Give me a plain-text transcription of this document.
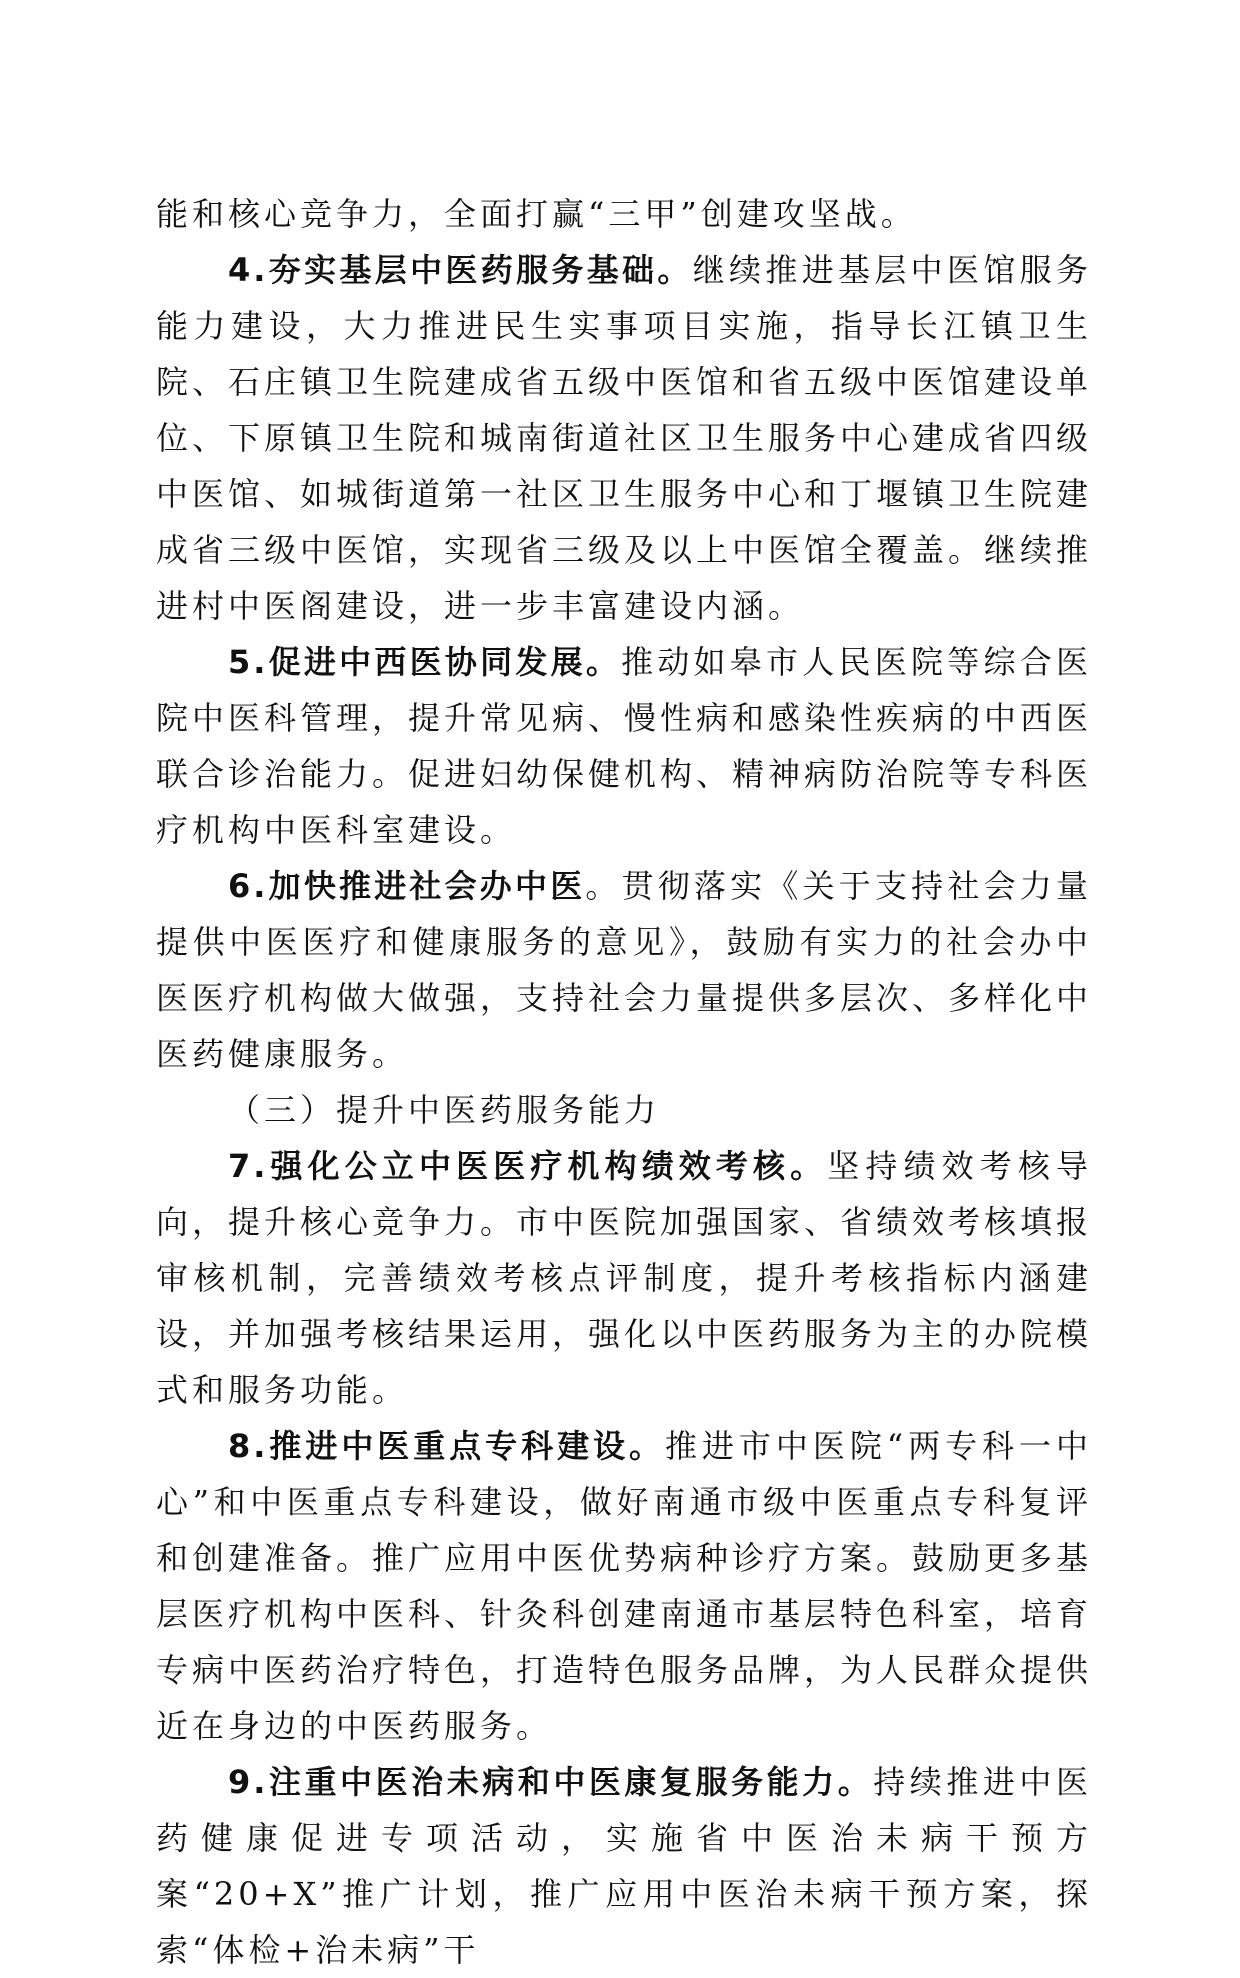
能和核心竞争力，全面打赢“三甲”创建攻坚战。

4.夯实基层中医药服务基础。继续推进基层中医馆服务能力建设，大力推进民生实事项目实施，指导长江镇卫生院、石庄镇卫生院建成省五级中医馆和省五级中医馆建设单位、下原镇卫生院和城南街道社区卫生服务中心建成省四级中医馆、如城街道第一社区卫生服务中心和丁堰镇卫生院建成省三级中医馆，实现省三级及以上中医馆全覆盖。继续推进村中医阁建设，进一步丰富建设内涵。

5.促进中西医协同发展。推动如皋市人民医院等综合医院中医科管理，提升常见病、慢性病和感染性疾病的中西医联合诊治能力。促进妇幼保健机构、精神病防治院等专科医疗机构中医科室建设。

6.加快推进社会办中医。贯彻落实《关于支持社会力量提供中医医疗和健康服务的意见》，鼓励有实力的社会办中医医疗机构做大做强，支持社会力量提供多层次、多样化中医药健康服务。

（三）提升中医药服务能力

7.强化公立中医医疗机构绩效考核。坚持绩效考核导向，提升核心竞争力。市中医院加强国家、省绩效考核填报审核机制，完善绩效考核点评制度，提升考核指标内涵建设，并加强考核结果运用，强化以中医药服务为主的办院模式和服务功能。

8.推进中医重点专科建设。推进市中医院“两专科一中心”和中医重点专科建设，做好南通市级中医重点专科复评和创建准备。推广应用中医优势病种诊疗方案。鼓励更多基层医疗机构中医科、针灸科创建南通市基层特色科室，培育专病中医药治疗特色，打造特色服务品牌，为人民群众提供近在身边的中医药服务。

9.注重中医治未病和中医康复服务能力。持续推进中医药健康促进专项活动，实施省中医治未病干预方案“20+X”推广计划，推广应用中医治未病干预方案，探索“体检+治未病”干
